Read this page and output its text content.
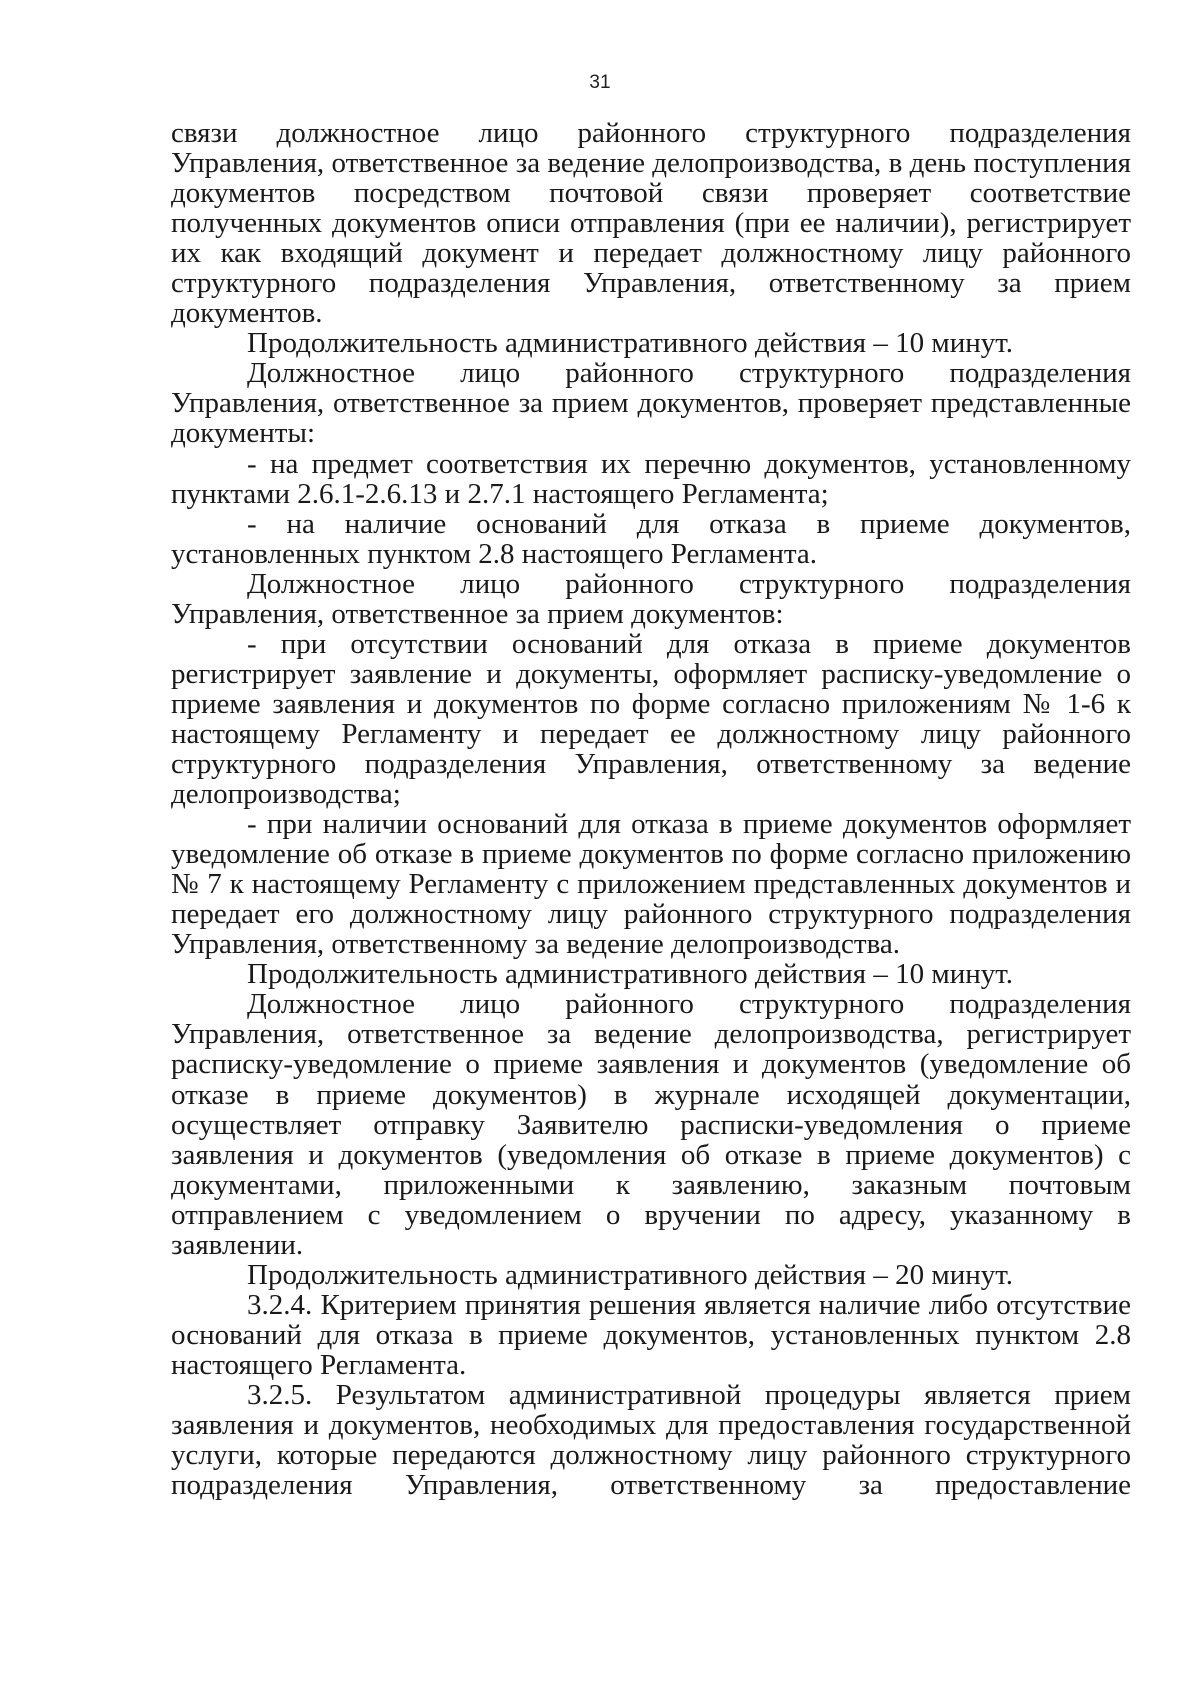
31

связи должностное лицо районного структурного подразделения Управления, ответственное за ведение делопроизводства, в день поступления документов посредством почтовой связи проверяет соответствие полученных документов описи отправления (при ее наличии), регистрирует их как входящий документ и передает должностному лицу районного структурного подразделения Управления, ответственному за прием документов.

Продолжительность административного действия – 10 минут.

Должностное лицо районного структурного подразделения Управления, ответственное за прием документов, проверяет представленные документы:

- на предмет соответствия их перечню документов, установленному пунктами 2.6.1-2.6.13 и 2.7.1 настоящего Регламента;

- на наличие оснований для отказа в приеме документов, установленных пунктом 2.8 настоящего Регламента.

Должностное лицо районного структурного подразделения Управления, ответственное за прием документов:

- при отсутствии оснований для отказа в приеме документов регистрирует заявление и документы, оформляет расписку-уведомление о приеме заявления и документов по форме согласно приложениям № 1-6 к настоящему Регламенту и передает ее должностному лицу районного структурного подразделения Управления, ответственному за ведение делопроизводства;

- при наличии оснований для отказа в приеме документов оформляет уведомление об отказе в приеме документов по форме согласно приложению № 7 к настоящему Регламенту с приложением представленных документов и передает его должностному лицу районного структурного подразделения Управления, ответственному за ведение делопроизводства.

Продолжительность административного действия – 10 минут.

Должностное лицо районного структурного подразделения Управления, ответственное за ведение делопроизводства, регистрирует расписку-уведомление о приеме заявления и документов (уведомление об отказе в приеме документов) в журнале исходящей документации, осуществляет отправку Заявителю расписки-уведомления о приеме заявления и документов (уведомления об отказе в приеме документов) с документами, приложенными к заявлению, заказным почтовым отправлением с уведомлением о вручении по адресу, указанному в заявлении.

Продолжительность административного действия – 20 минут.

3.2.4. Критерием принятия решения является наличие либо отсутствие оснований для отказа в приеме документов, установленных пунктом 2.8 настоящего Регламента.

3.2.5. Результатом административной процедуры является прием заявления и документов, необходимых для предоставления государственной услуги, которые передаются должностному лицу районного структурного подразделения Управления, ответственному за предоставление
